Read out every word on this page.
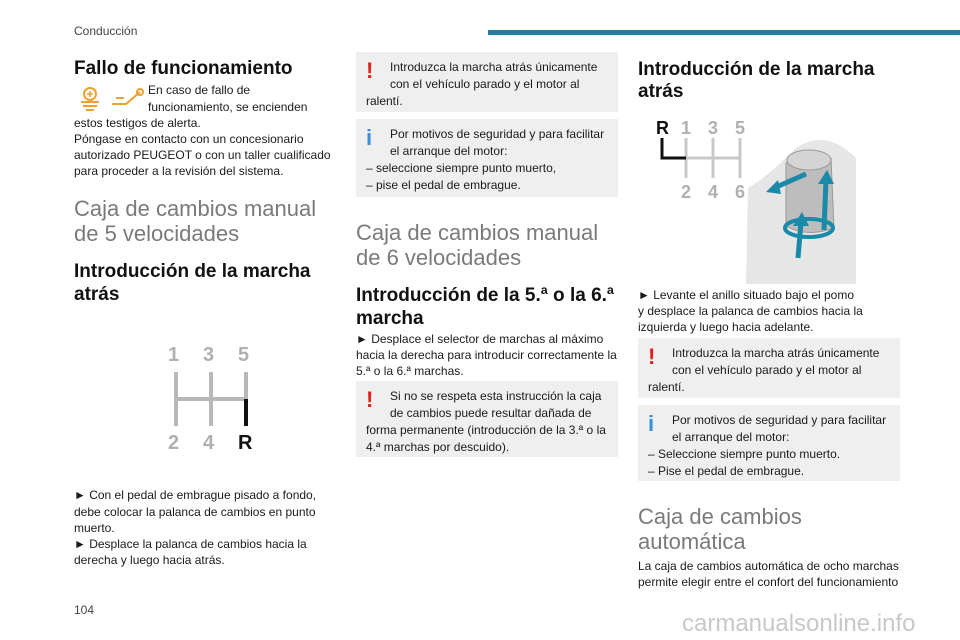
Conducción
Fallo de funcionamiento
En caso de fallo de
funcionamiento, se encienden
estos testigos de alerta.
Póngase en contacto con un concesionario
autorizado PEUGEOT o con un taller cualificado
para proceder a la revisión del sistema.
Caja de cambios manual
de 5 velocidades
Introducción de la marcha
atrás
1 3 5
2 4 R
► Con el pedal de embrague pisado a fondo,
debe colocar la palanca de cambios en punto
muerto.
► Desplace la palanca de cambios hacia la
derecha y luego hacia atrás.
!	Introduzca la marcha atrás únicamente
con el vehículo parado y el motor al
ralentí.
i	Por motivos de seguridad y para facilitar
el arranque del motor:
– seleccione siempre punto muerto,
– pise el pedal de embrague.
Caja de cambios manual
de 6 velocidades
Introducción de la 5.ª o la 6.ª
marcha
► Desplace el selector de marchas al máximo
hacia la derecha para introducir correctamente la
5.ª o la 6.ª marchas.
!	Si no se respeta esta instrucción la caja
de cambios puede resultar dañada de
forma permanente (introducción de la 3.ª o la
4.ª marchas por descuido).
Introducción de la marcha
atrás
R 1 3 5
2 4 6
► Levante el anillo situado bajo el pomo
y desplace la palanca de cambios hacia la
izquierda y luego hacia adelante.
!	Introduzca la marcha atrás únicamente
con el vehículo parado y el motor al
ralentí.
i	Por motivos de seguridad y para facilitar
el arranque del motor:
– Seleccione siempre punto muerto.
– Pise el pedal de embrague.
Caja de cambios
automática
La caja de cambios automática de ocho marchas
permite elegir entre el confort del funcionamiento
104	carmanualsonline.info
